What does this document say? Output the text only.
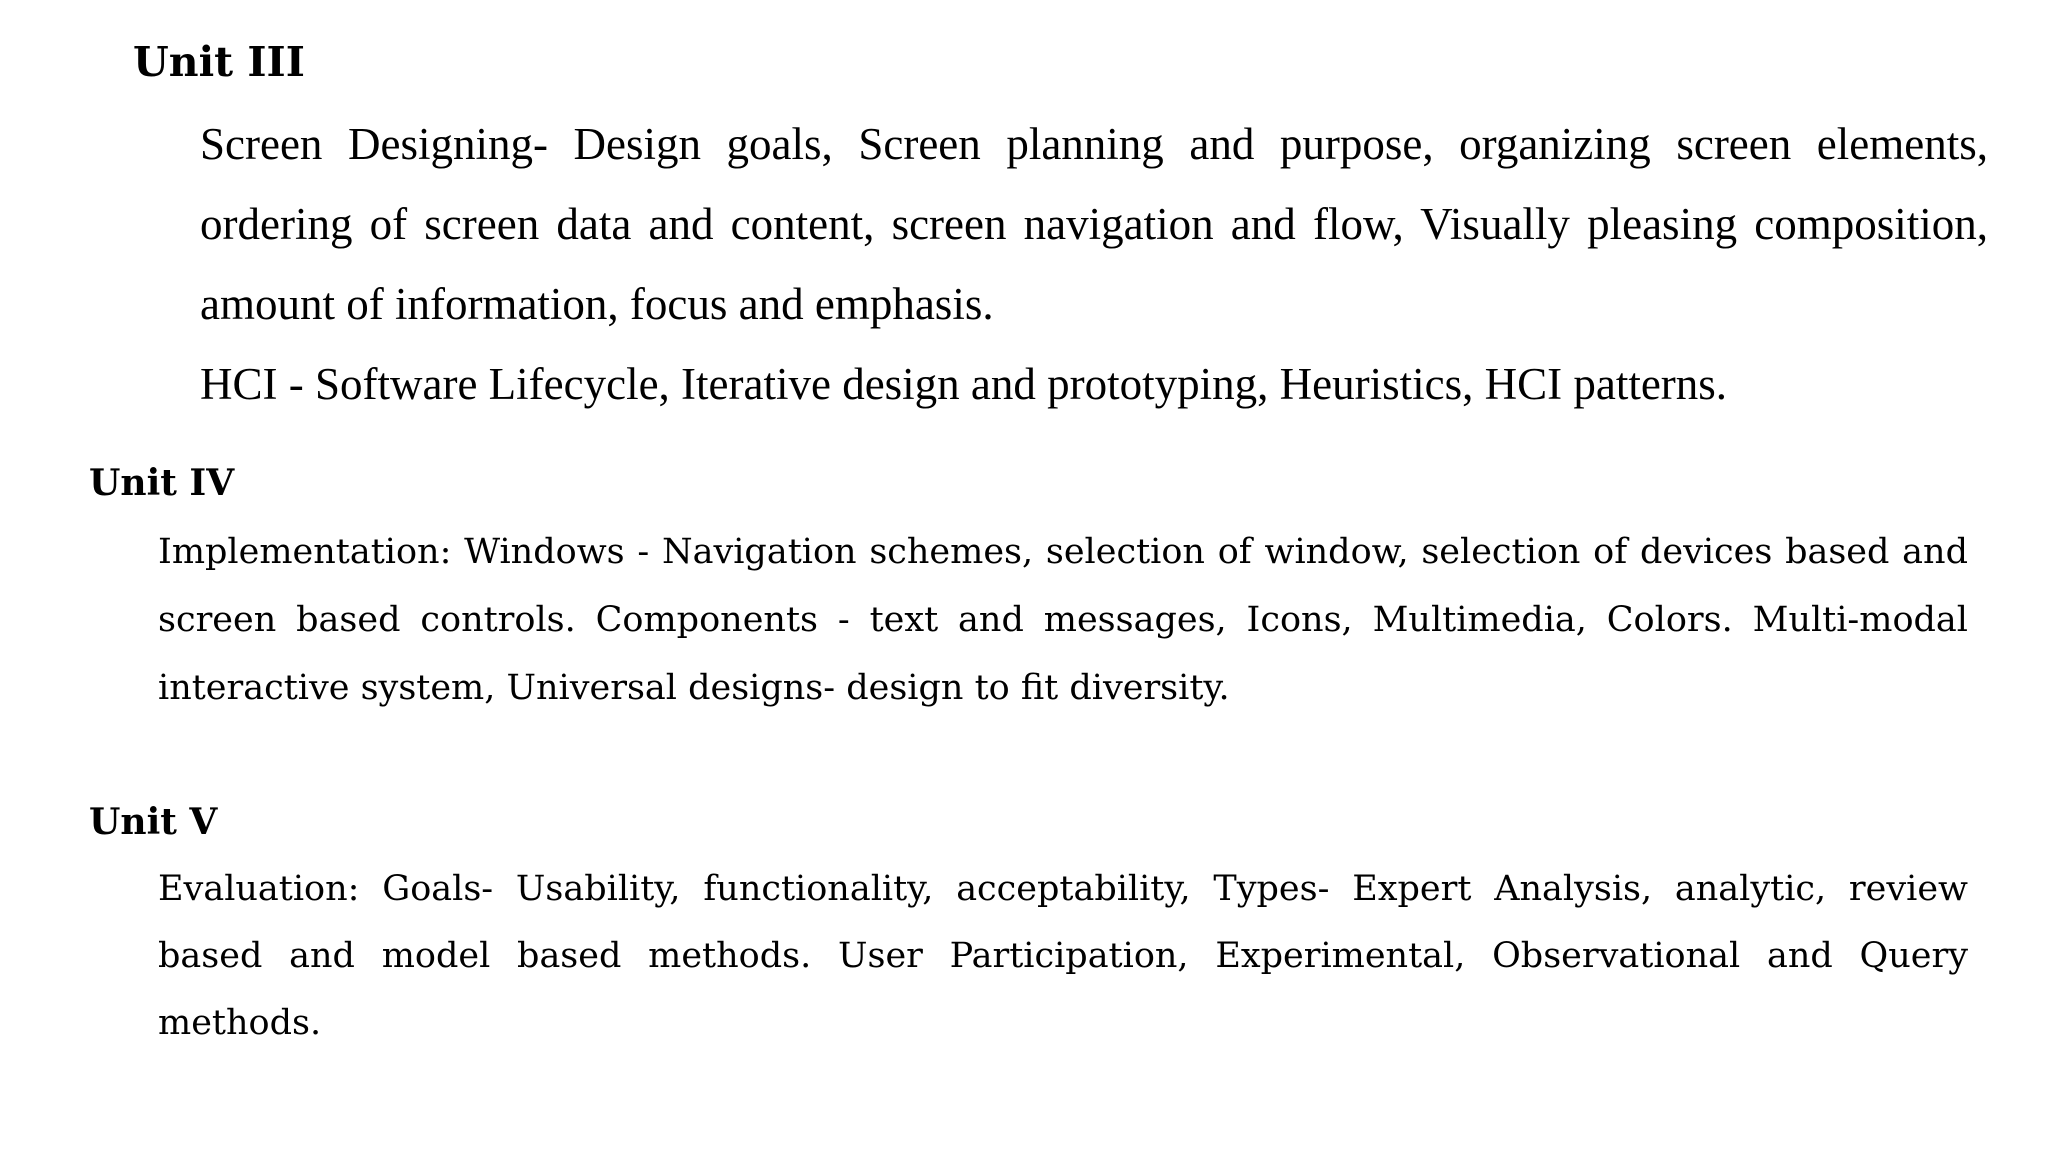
Unit III

Screen Designing- Design goals, Screen planning and purpose, organizing screen elements, ordering of screen data and content, screen navigation and flow, Visually pleasing composition, amount of information, focus and emphasis.

HCI - Software Lifecycle, Iterative design and prototyping, Heuristics, HCI patterns.

Unit IV

Implementation: Windows - Navigation schemes, selection of window, selection of devices based and screen based controls. Components - text and messages, Icons, Multimedia, Colors. Multi-modal interactive system, Universal designs- design to fit diversity.

Unit V

Evaluation: Goals- Usability, functionality, acceptability, Types- Expert Analysis, analytic, review based and model based methods. User Participation, Experimental, Observational and Query methods.
